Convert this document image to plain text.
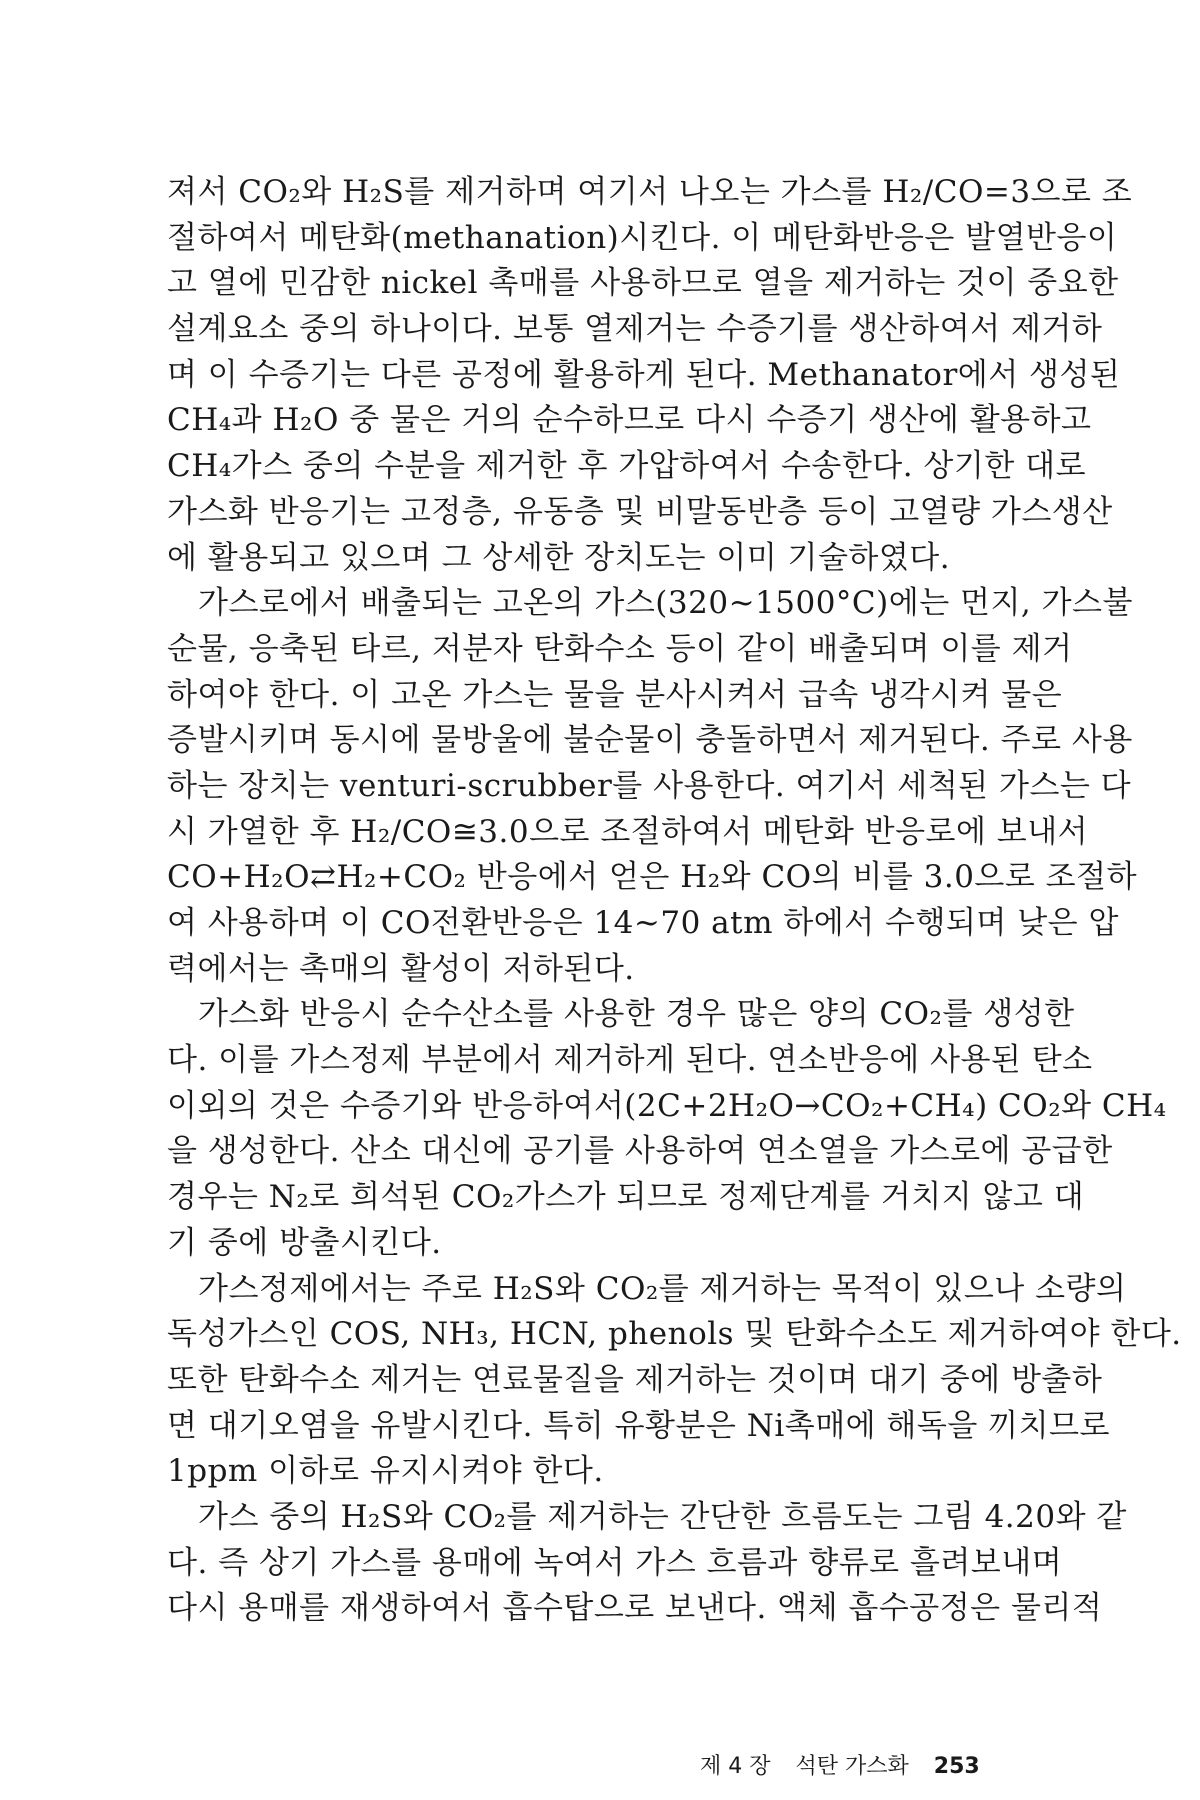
져서 CO₂와 H₂S를 제거하며 여기서 나오는 가스를 H₂/CO=3으로 조
절하여서 메탄화(methanation)시킨다. 이 메탄화반응은 발열반응이
고 열에 민감한 nickel 촉매를 사용하므로 열을 제거하는 것이 중요한
설계요소 중의 하나이다. 보통 열제거는 수증기를 생산하여서 제거하
며 이 수증기는 다른 공정에 활용하게 된다. Methanator에서 생성된
CH₄과 H₂O 중 물은 거의 순수하므로 다시 수증기 생산에 활용하고
CH₄가스 중의 수분을 제거한 후 가압하여서 수송한다. 상기한 대로
가스화 반응기는 고정층, 유동층 및 비말동반층 등이 고열량 가스생산
에 활용되고 있으며 그 상세한 장치도는 이미 기술하였다.
가스로에서 배출되는 고온의 가스(320~1500°C)에는 먼지, 가스불
순물, 응축된 타르, 저분자 탄화수소 등이 같이 배출되며 이를 제거
하여야 한다. 이 고온 가스는 물을 분사시켜서 급속 냉각시켜 물은
증발시키며 동시에 물방울에 불순물이 충돌하면서 제거된다. 주로 사용
하는 장치는 venturi-scrubber를 사용한다. 여기서 세척된 가스는 다
시 가열한 후 H₂/CO≅3.0으로 조절하여서 메탄화 반응로에 보내서
CO+H₂O⇄H₂+CO₂ 반응에서 얻은 H₂와 CO의 비를 3.0으로 조절하
여 사용하며 이 CO전환반응은 14~70 atm 하에서 수행되며 낮은 압
력에서는 촉매의 활성이 저하된다.
가스화 반응시 순수산소를 사용한 경우 많은 양의 CO₂를 생성한
다. 이를 가스정제 부분에서 제거하게 된다. 연소반응에 사용된 탄소
이외의 것은 수증기와 반응하여서(2C+2H₂O→CO₂+CH₄) CO₂와 CH₄
을 생성한다. 산소 대신에 공기를 사용하여 연소열을 가스로에 공급한
경우는 N₂로 희석된 CO₂가스가 되므로 정제단계를 거치지 않고 대
기 중에 방출시킨다.
가스정제에서는 주로 H₂S와 CO₂를 제거하는 목적이 있으나 소량의
독성가스인 COS, NH₃, HCN, phenols 및 탄화수소도 제거하여야 한다.
또한 탄화수소 제거는 연료물질을 제거하는 것이며 대기 중에 방출하
면 대기오염을 유발시킨다. 특히 유황분은 Ni촉매에 해독을 끼치므로
1ppm 이하로 유지시켜야 한다.
가스 중의 H₂S와 CO₂를 제거하는 간단한 흐름도는 그림 4.20와 같
다. 즉 상기 가스를 용매에 녹여서 가스 흐름과 향류로 흘려보내며
다시 용매를 재생하여서 흡수탑으로 보낸다. 액체 흡수공정은 물리적
제 4 장 석탄 가스화 253
